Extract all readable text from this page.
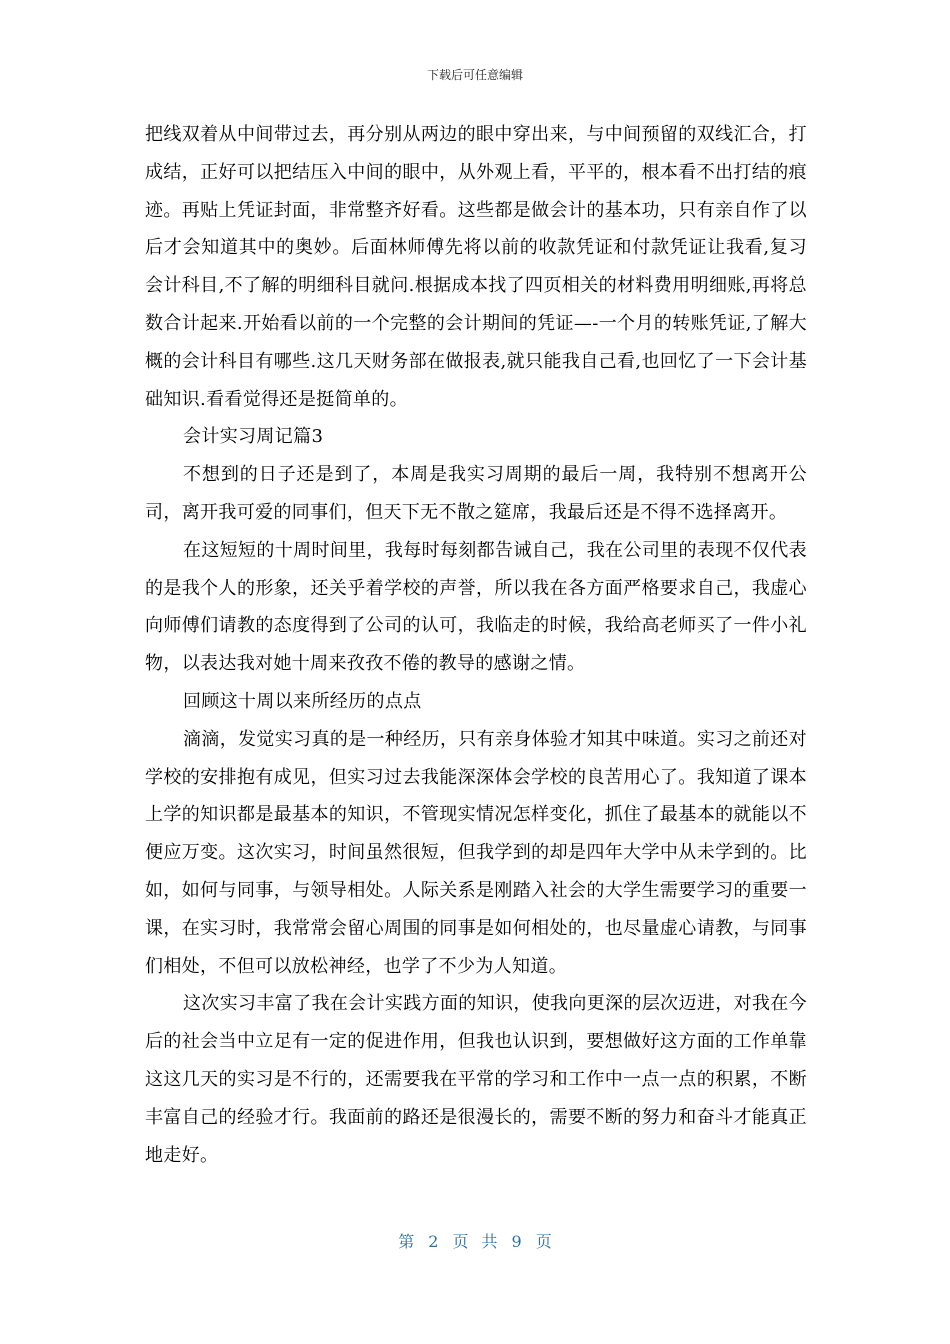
下载后可任意编辑

把线双着从中间带过去，再分别从两边的眼中穿出来，与中间预留的双线汇合，打成结，正好可以把结压入中间的眼中，从外观上看，平平的，根本看不出打结的痕迹。再贴上凭证封面，非常整齐好看。这些都是做会计的基本功，只有亲自作了以后才会知道其中的奥妙。后面林师傅先将以前的收款凭证和付款凭证让我看,复习会计科目,不了解的明细科目就问.根据成本找了四页相关的材料费用明细账,再将总数合计起来.开始看以前的一个完整的会计期间的凭证—-一个月的转账凭证,了解大概的会计科目有哪些.这几天财务部在做报表,就只能我自己看,也回忆了一下会计基础知识.看看觉得还是挺简单的。

会计实习周记篇3

不想到的日子还是到了，本周是我实习周期的最后一周，我特别不想离开公司，离开我可爱的同事们，但天下无不散之筵席，我最后还是不得不选择离开。

在这短短的十周时间里，我每时每刻都告诫自己，我在公司里的表现不仅代表的是我个人的形象，还关乎着学校的声誉，所以我在各方面严格要求自己，我虚心向师傅们请教的态度得到了公司的认可，我临走的时候，我给高老师买了一件小礼物，以表达我对她十周来孜孜不倦的教导的感谢之情。

回顾这十周以来所经历的点点

滴滴，发觉实习真的是一种经历，只有亲身体验才知其中味道。实习之前还对学校的安排抱有成见，但实习过去我能深深体会学校的良苦用心了。我知道了课本上学的知识都是最基本的知识，不管现实情况怎样变化，抓住了最基本的就能以不便应万变。这次实习，时间虽然很短，但我学到的却是四年大学中从未学到的。比如，如何与同事，与领导相处。人际关系是刚踏入社会的大学生需要学习的重要一课，在实习时，我常常会留心周围的同事是如何相处的，也尽量虚心请教，与同事们相处，不但可以放松神经，也学了不少为人知道。

这次实习丰富了我在会计实践方面的知识，使我向更深的层次迈进，对我在今后的社会当中立足有一定的促进作用，但我也认识到，要想做好这方面的工作单靠这这几天的实习是不行的，还需要我在平常的学习和工作中一点一点的积累，不断丰富自己的经验才行。我面前的路还是很漫长的，需要不断的努力和奋斗才能真正地走好。

第 2 页 共 9 页
